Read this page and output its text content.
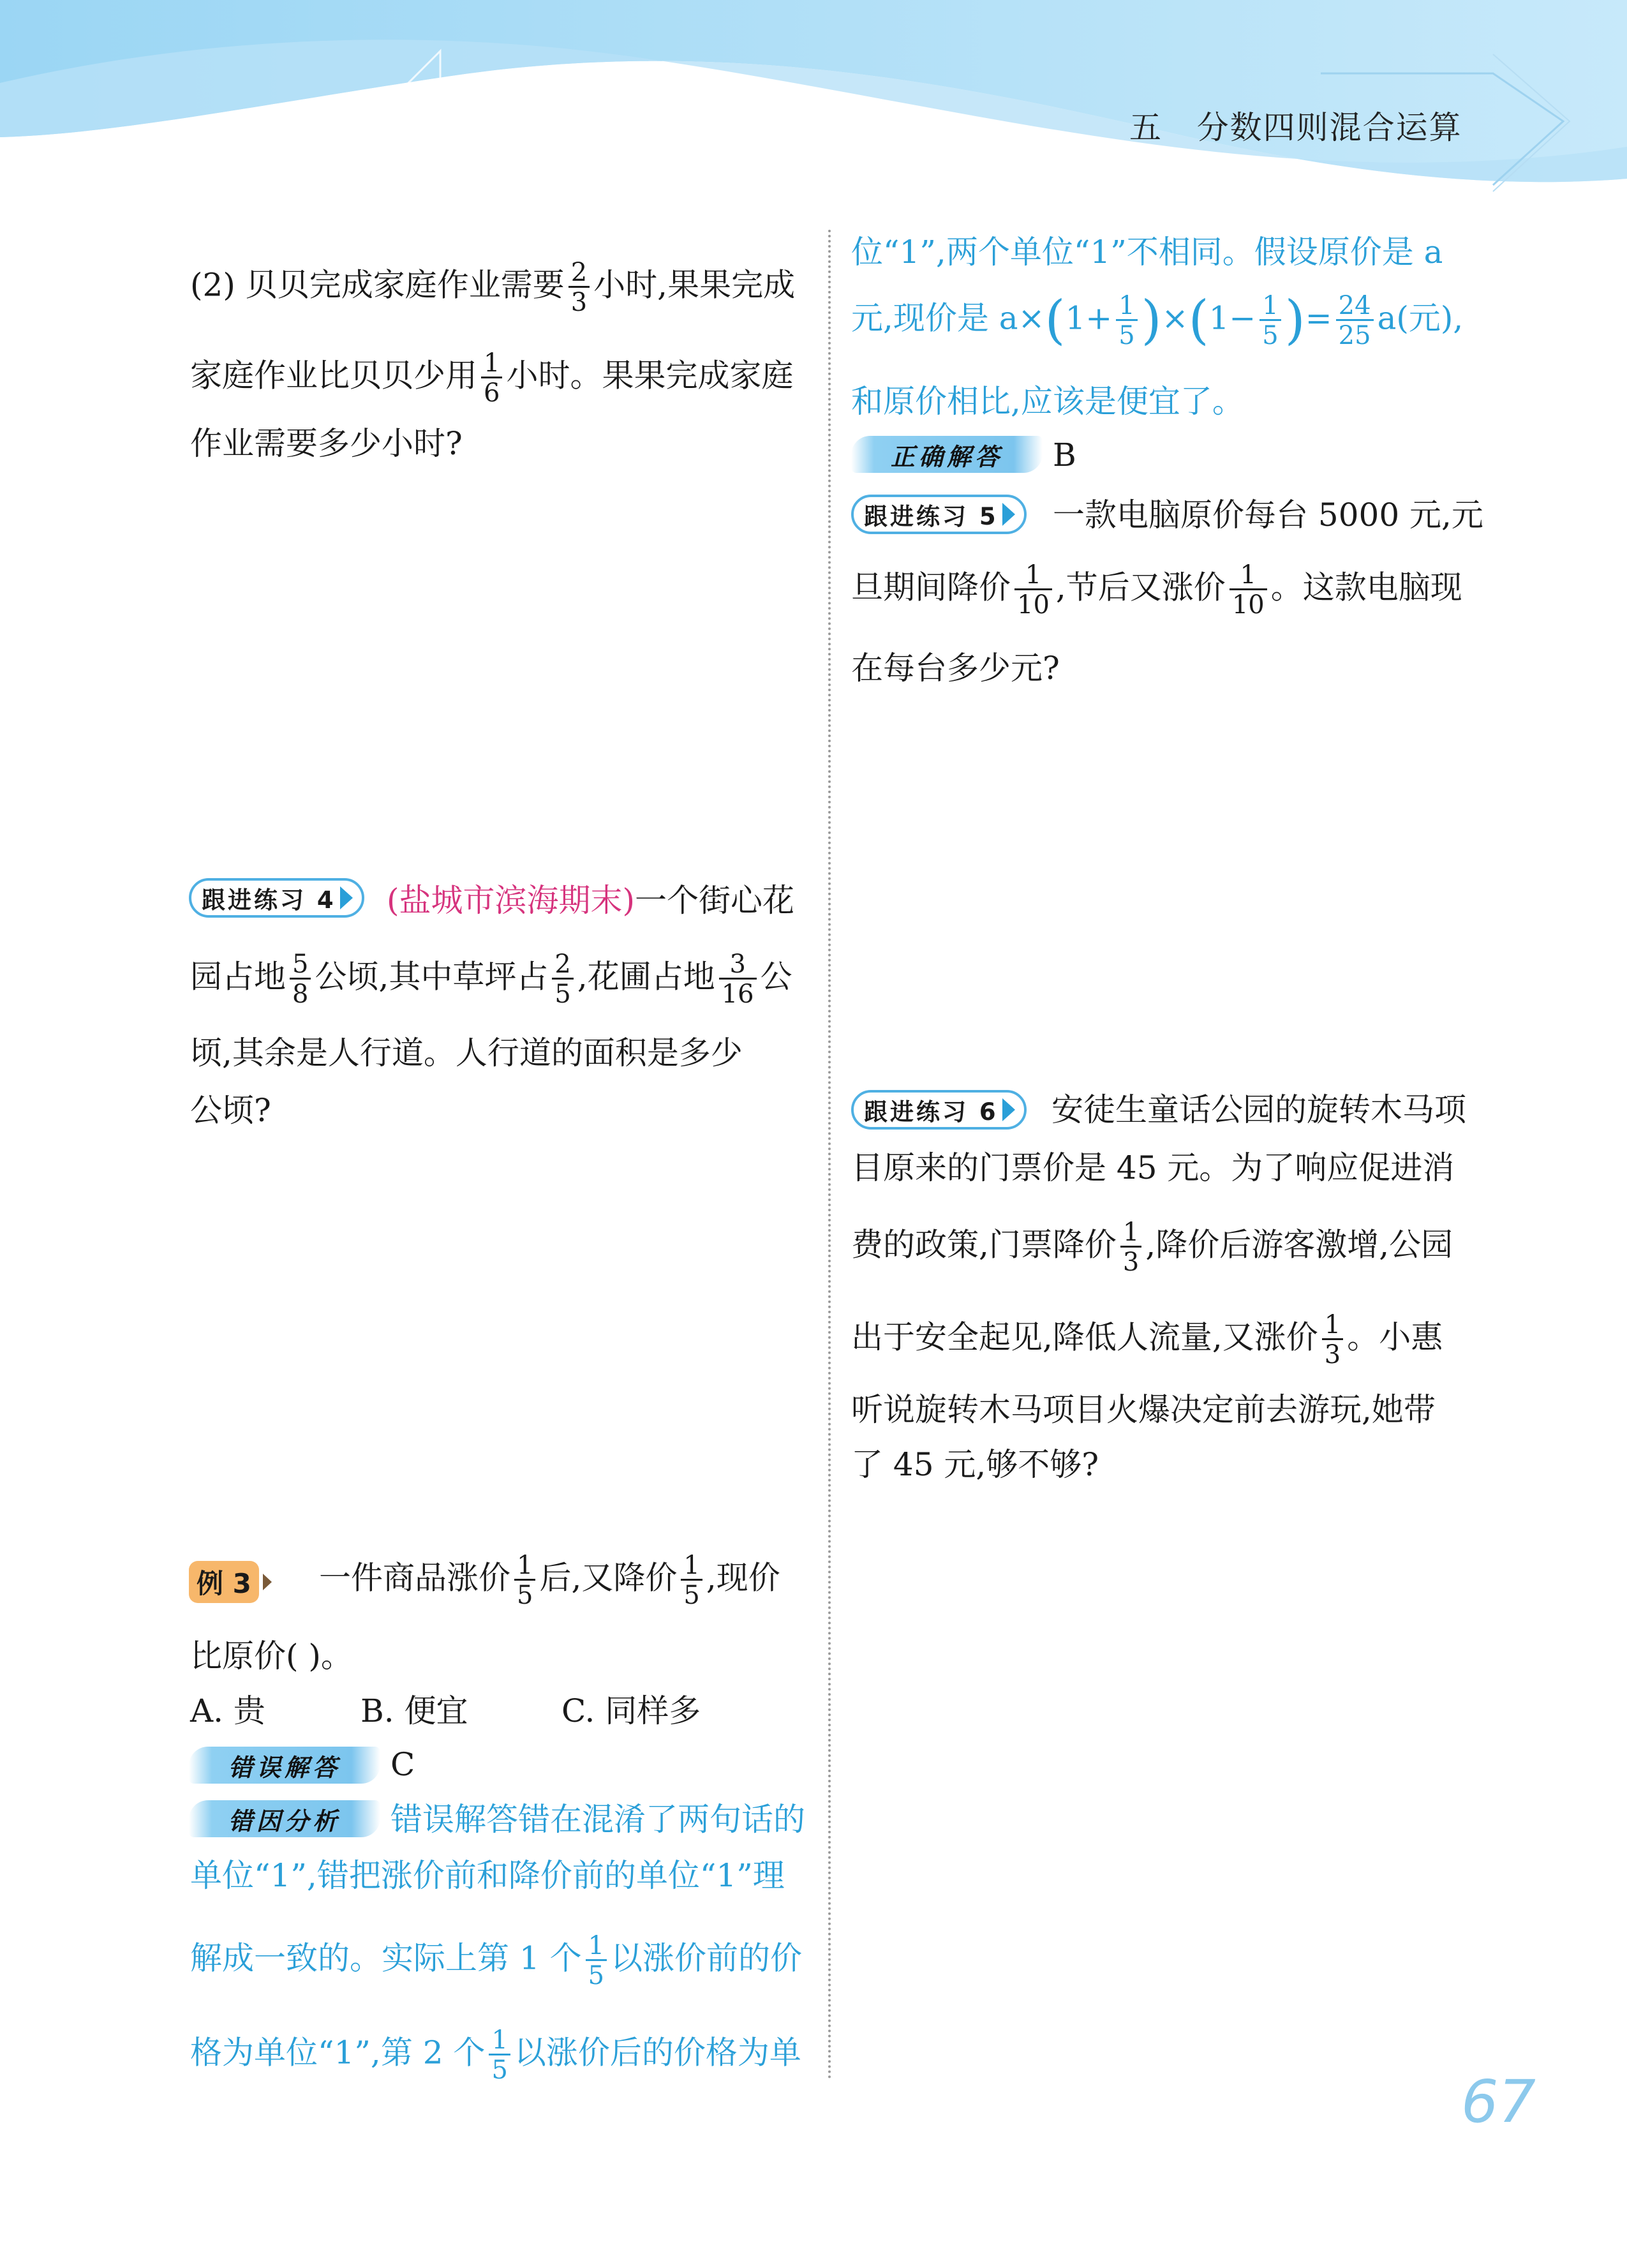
五 分数四则混合运算
(2) 贝贝完成家庭作业需要 $\frac{2}{3}$ 小时,果果完成
家庭作业比贝贝少用 $\frac{1}{6}$ 小时。果果完成家庭
作业需要多少小时?
跟进练习 4 (盐城市滨海期末)一个街心花
园占地 $\frac{5}{8}$ 公顷,其中草坪占 $\frac{2}{5}$ ,花圃占地 $\frac{3}{16}$ 公
顷,其余是人行道。人行道的面积是多少
公顷?
例 3 一件商品涨价 $\frac{1}{5}$ 后,又降价 $\frac{1}{5}$ ,现价
比原价( )。
A. 贵	B. 便宜	C. 同样多
错误解答	C
错因分析	错误解答错在混淆了两句话的
单位“1”,错把涨价前和降价前的单位“1”理
解成一致的。实际上第 1 个 $\frac{1}{5}$ 以涨价前的价
格为单位“1”,第 2 个 $\frac{1}{5}$ 以涨价后的价格为单
位“1”,两个单位“1”不相同。假设原价是 a
元,现价是 $a\times(1+ \frac{1}{5} )\times(1- \frac{1}{5}$ )= $\frac{24}{25} a$(元),
和原价相比,应该是便宜了。
正确解答	B
跟进练习 5 一款电脑原价每台 5000 元,元
旦期间降价 $\frac{1}{10}$ ,节后又涨价 $\frac{1}{10}$ 。这款电脑现
在每台多少元?
跟进练习 6 安徒生童话公园的旋转木马项
目原来的门票价是 45 元。为了响应促进消
费的政策,门票降价 $\frac{1}{3}$ ,降价后游客激增,公园
出于安全起见,降低人流量,又涨价 $\frac{1}{3}$ 。小惠
听说旋转木马项目火爆决定前去游玩,她带
了 45 元,够不够?
67
